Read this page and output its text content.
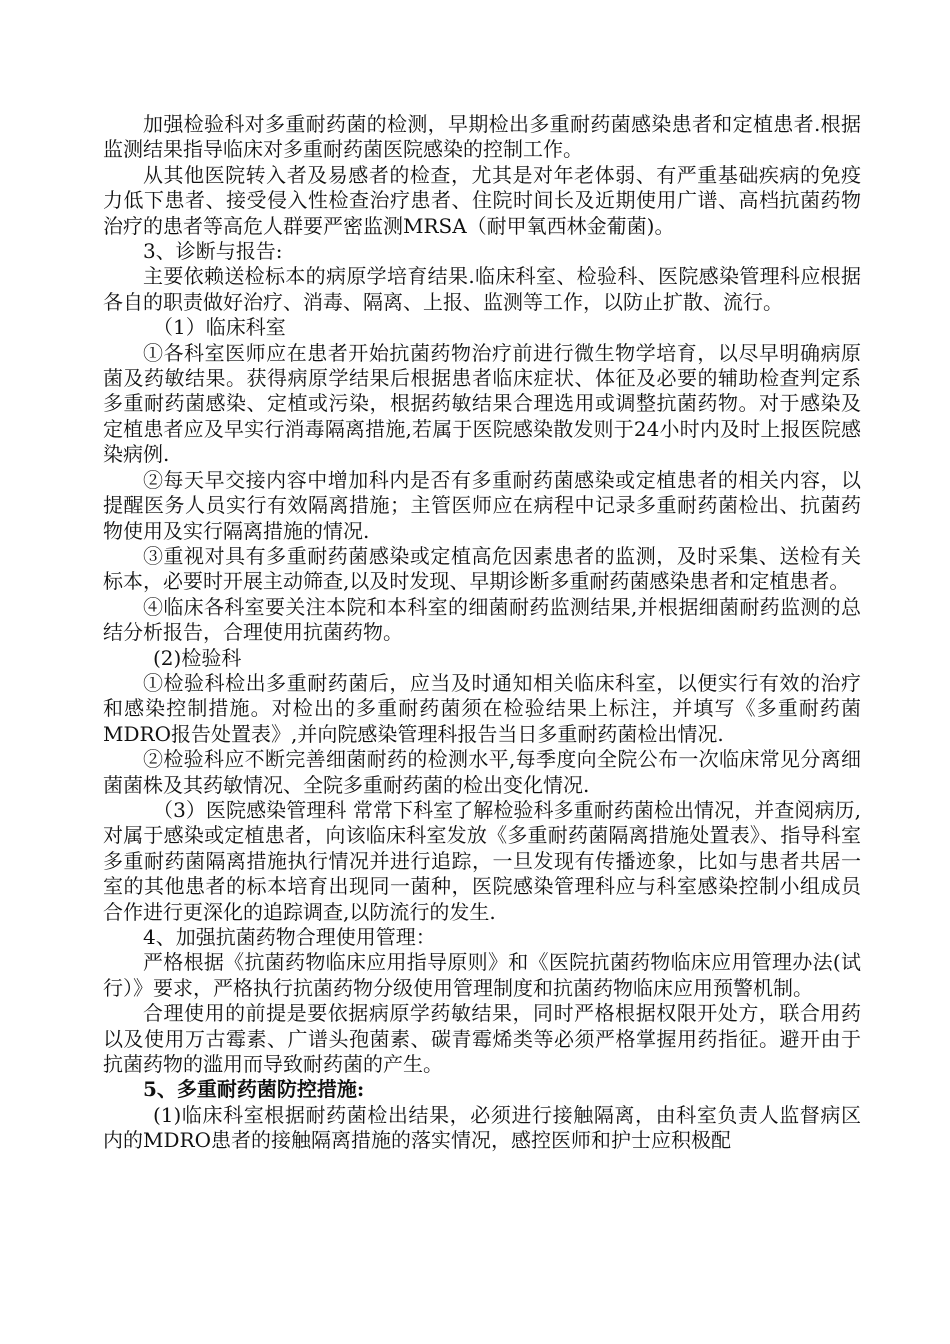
加强检验科对多重耐药菌的检测，早期检出多重耐药菌感染患者和定植患者.根据监测结果指导临床对多重耐药菌医院感染的控制工作。

从其他医院转入者及易感者的检查，尤其是对年老体弱、有严重基础疾病的免疫力低下患者、接受侵入性检查治疗患者、住院时间长及近期使用广谱、高档抗菌药物治疗的患者等高危人群要严密监测MRSA（耐甲氧西林金葡菌)。

3、诊断与报告:

主要依赖送检标本的病原学培育结果.临床科室、检验科、医院感染管理科应根据各自的职责做好治疗、消毒、隔离、上报、监测等工作，以防止扩散、流行。

（1）临床科室

①各科室医师应在患者开始抗菌药物治疗前进行微生物学培育，以尽早明确病原菌及药敏结果。获得病原学结果后根据患者临床症状、体征及必要的辅助检查判定系多重耐药菌感染、定植或污染，根据药敏结果合理选用或调整抗菌药物。对于感染及定植患者应及早实行消毒隔离措施,若属于医院感染散发则于24小时内及时上报医院感染病例.

②每天早交接内容中增加科内是否有多重耐药菌感染或定植患者的相关内容，以提醒医务人员实行有效隔离措施；主管医师应在病程中记录多重耐药菌检出、抗菌药物使用及实行隔离措施的情况.

③重视对具有多重耐药菌感染或定植高危因素患者的监测，及时采集、送检有关标本，必要时开展主动筛查,以及时发现、早期诊断多重耐药菌感染患者和定植患者。

④临床各科室要关注本院和本科室的细菌耐药监测结果,并根据细菌耐药监测的总结分析报告，合理使用抗菌药物。

(2)检验科

①检验科检出多重耐药菌后，应当及时通知相关临床科室，以便实行有效的治疗和感染控制措施。对检出的多重耐药菌须在检验结果上标注，并填写《多重耐药菌MDRO报告处置表》,并向院感染管理科报告当日多重耐药菌检出情况.

②检验科应不断完善细菌耐药的检测水平,每季度向全院公布一次临床常见分离细菌菌株及其药敏情况、全院多重耐药菌的检出变化情况.

（3）医院感染管理科 常常下科室了解检验科多重耐药菌检出情况，并查阅病历,对属于感染或定植患者，向该临床科室发放《多重耐药菌隔离措施处置表》、指导科室多重耐药菌隔离措施执行情况并进行追踪，一旦发现有传播迹象，比如与患者共居一室的其他患者的标本培育出现同一菌种，医院感染管理科应与科室感染控制小组成员合作进行更深化的追踪调查,以防流行的发生.

4、加强抗菌药物合理使用管理：

严格根据《抗菌药物临床应用指导原则》和《医院抗菌药物临床应用管理办法(试行）》要求，严格执行抗菌药物分级使用管理制度和抗菌药物临床应用预警机制。

合理使用的前提是要依据病原学药敏结果，同时严格根据权限开处方，联合用药以及使用万古霉素、广谱头孢菌素、碳青霉烯类等必须严格掌握用药指征。避开由于抗菌药物的滥用而导致耐药菌的产生。

5、多重耐药菌防控措施:

(1)临床科室根据耐药菌检出结果，必须进行接触隔离，由科室负责人监督病区内的MDRO患者的接触隔离措施的落实情况，感控医师和护士应积极配
